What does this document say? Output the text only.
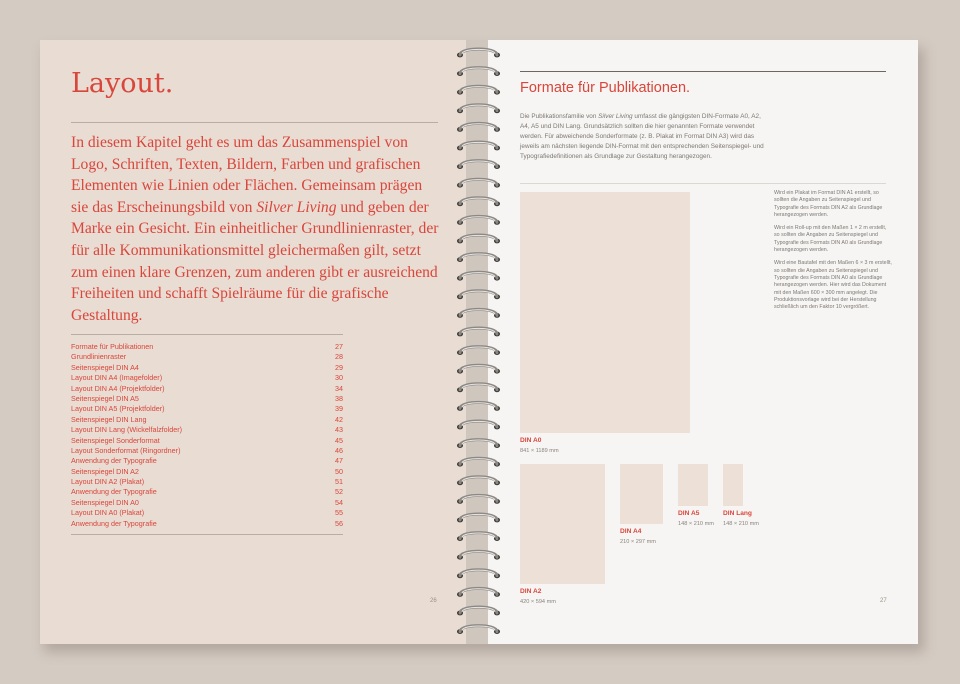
Layout.

In diesem Kapitel geht es um das Zusammenspiel von Logo, Schriften, Texten, Bildern, Farben und grafischen Elementen wie Linien oder Flächen. Gemeinsam prägen sie das Erscheinungsbild von Silver Living und geben der Marke ein Gesicht. Ein einheitlicher Grundlinienraster, der für alle Kommunikationsmittel gleichermaßen gilt, setzt zum einen klare Grenzen, zum anderen gibt er ausreichend Freiheiten und schafft Spielräume für die grafische Gestaltung.

Formate für Publikationen	27
Grundlinienraster	28
Seitenspiegel DIN A4	29
Layout DIN A4 (Imagefolder)	30
Layout DIN A4 (Projektfolder)	34
Seitenspiegel DIN A5	38
Layout DIN A5 (Projektfolder)	39
Seitenspiegel DIN Lang	42
Layout DIN Lang (Wickelfalzfolder)	43
Seitenspiegel Sonderformat	45
Layout Sonderformat (Ringordner)	46
Anwendung der Typografie	47
Seitenspiegel DIN A2	50
Layout DIN A2 (Plakat)	51
Anwendung der Typografie	52
Seitenspiegel DIN A0	54
Layout DIN A0 (Plakat)	55
Anwendung der Typografie	56
26
Formate für Publikationen.

Die Publikationsfamilie von Silver Living umfasst die gängigsten DIN-Formate A0, A2, A4, A5 und DIN Lang. Grundsätzlich sollten die hier genannten Formate verwendet werden. Für abweichende Sonderformate (z. B. Plakat im Format DIN A3) wird das jeweils am nächsten liegende DIN-Format mit den entsprechenden Seitenspiegel- und Typografiedefinitionen als Grundlage zur Gestaltung herangezogen.

Wird ein Plakat im Format DIN A1 erstellt, so sollten die Angaben zu Seitenspiegel und Typografie des Formats DIN A2 als Grundlage herangezogen werden.

Wird ein Roll-up mit den Maßen 1 × 2 m erstellt, so sollten die Angaben zu Seitenspiegel und Typografie des Formats DIN A0 als Grundlage herangezogen werden.

Wird eine Bautafel mit den Maßen 6 × 3 m erstellt, so sollten die Angaben zu Seitenspiegel und Typografie des Formats DIN A0 als Grundlage herangezogen werden. Hier wird das Dokument mit den Maßen 600 × 300 mm angelegt. Die Produktionsvorlage wird bei der Herstellung schließlich um den Faktor 10 vergrößert.

DIN A0
841 × 1189 mm
DIN A2
420 × 594 mm
DIN A4
210 × 297 mm
DIN A5
148 × 210 mm
DIN Lang
148 × 210 mm
27
